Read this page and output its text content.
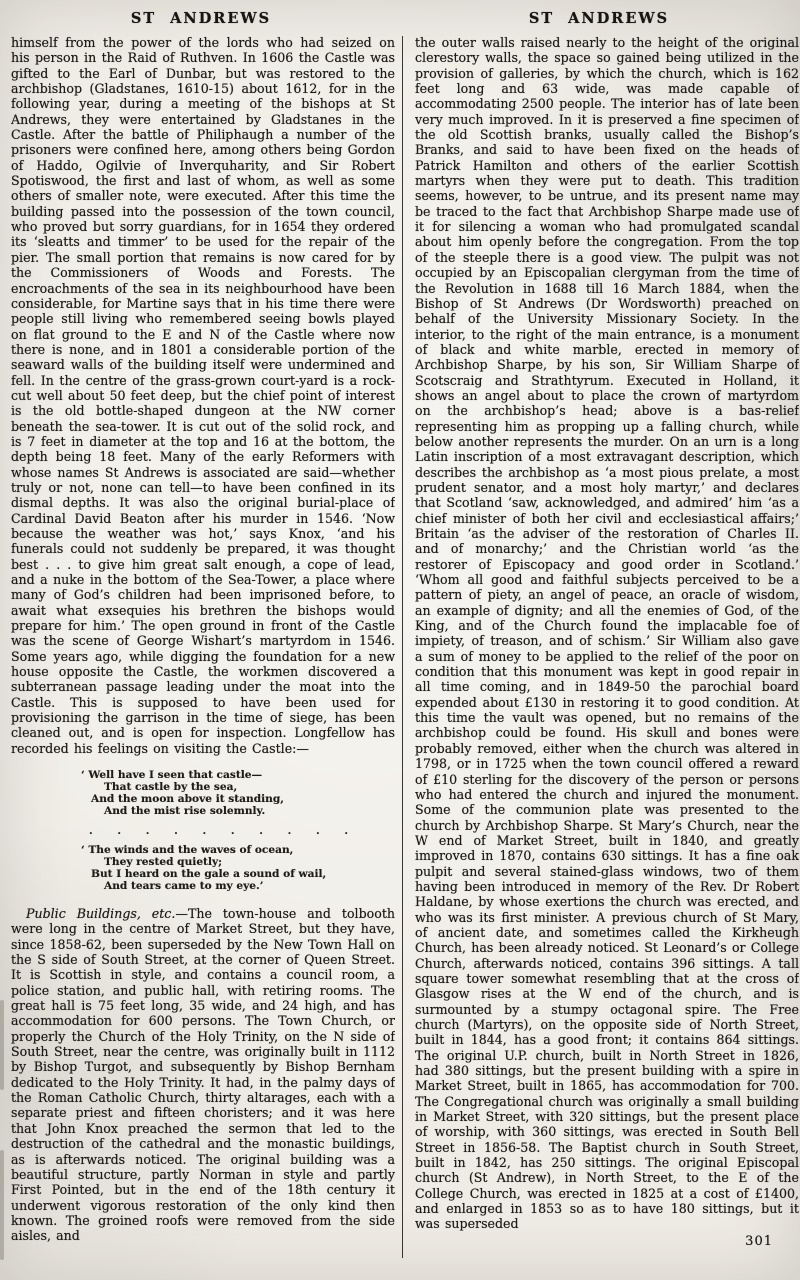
ST ANDREWS	ST ANDREWS

himself from the power of the lords who had seized on his person in the Raid of Ruthven. In 1606 the Castle was gifted to the Earl of Dunbar, but was restored to the archbishop (Gladstanes, 1610-15) about 1612, for in the following year, during a meeting of the bishops at St Andrews, they were entertained by Gladstanes in the Castle. After the battle of Philiphaugh a number of the prisoners were confined here, among others being Gordon of Haddo, Ogilvie of Inverquharity, and Sir Robert Spotiswood, the first and last of whom, as well as some others of smaller note, were executed. After this time the building passed into the possession of the town council, who proved but sorry guardians, for in 1654 they ordered its ‘sleatts and timmer’ to be used for the repair of the pier. The small portion that remains is now cared for by the Commissioners of Woods and Forests. The encroachments of the sea in its neighbourhood have been considerable, for Martine says that in his time there were people still living who remembered seeing bowls played on flat ground to the E and N of the Castle where now there is none, and in 1801 a considerable portion of the seaward walls of the building itself were undermined and fell. In the centre of the grass-grown court-yard is a rock-cut well about 50 feet deep, but the chief point of interest is the old bottle-shaped dungeon at the NW corner beneath the sea-tower. It is cut out of the solid rock, and is 7 feet in diameter at the top and 16 at the bottom, the depth being 18 feet. Many of the early Reformers with whose names St Andrews is associated are said—whether truly or not, none can tell—to have been confined in its dismal depths. It was also the original burial-place of Cardinal David Beaton after his murder in 1546. ‘Now because the weather was hot,’ says Knox, ‘and his funerals could not suddenly be prepared, it was thought best . . . to give him great salt enough, a cope of lead, and a nuke in the bottom of the Sea-Tower, a place where many of God’s children had been imprisoned before, to await what exsequies his brethren the bishops would prepare for him.’ The open ground in front of the Castle was the scene of George Wishart’s martyrdom in 1546. Some years ago, while digging the foundation for a new house opposite the Castle, the workmen discovered a subterranean passage leading under the moat into the Castle. This is supposed to have been used for provisioning the garrison in the time of siege, has been cleaned out, and is open for inspection. Longfellow has recorded his feelings on visiting the Castle:—

‘ Well have I seen that castle—
That castle by the sea,
And the moon above it standing,
And the mist rise solemnly.
. . . . . . . . . .
‘ The winds and the waves of ocean,
They rested quietly;
But I heard on the gale a sound of wail,
And tears came to my eye.’

Public Buildings, etc.—The town-house and tolbooth were long in the centre of Market Street, but they have, since 1858-62, been superseded by the New Town Hall on the S side of South Street, at the corner of Queen Street. It is Scottish in style, and contains a council room, a police station, and public hall, with retiring rooms. The great hall is 75 feet long, 35 wide, and 24 high, and has accommodation for 600 persons. The Town Church, or properly the Church of the Holy Trinity, on the N side of South Street, near the centre, was originally built in 1112 by Bishop Turgot, and subsequently by Bishop Bernham dedicated to the Holy Trinity. It had, in the palmy days of the Roman Catholic Church, thirty altarages, each with a separate priest and fifteen choristers; and it was here that John Knox preached the sermon that led to the destruction of the cathedral and the monastic buildings, as is afterwards noticed. The original building was a beautiful structure, partly Norman in style and partly First Pointed, but in the end of the 18th century it underwent vigorous restoration of the only kind then known. The groined roofs were removed from the side aisles, and

the outer walls raised nearly to the height of the original clerestory walls, the space so gained being utilized in the provision of galleries, by which the church, which is 162 feet long and 63 wide, was made capable of accommodating 2500 people. The interior has of late been very much improved. In it is preserved a fine specimen of the old Scottish branks, usually called the Bishop’s Branks, and said to have been fixed on the heads of Patrick Hamilton and others of the earlier Scottish martyrs when they were put to death. This tradition seems, however, to be untrue, and its present name may be traced to the fact that Archbishop Sharpe made use of it for silencing a woman who had promulgated scandal about him openly before the congregation. From the top of the steeple there is a good view. The pulpit was not occupied by an Episcopalian clergyman from the time of the Revolution in 1688 till 16 March 1884, when the Bishop of St Andrews (Dr Wordsworth) preached on behalf of the University Missionary Society. In the interior, to the right of the main entrance, is a monument of black and white marble, erected in memory of Archbishop Sharpe, by his son, Sir William Sharpe of Scotscraig and Strathtyrum. Executed in Holland, it shows an angel about to place the crown of martyrdom on the archbishop’s head; above is a bas-relief representing him as propping up a falling church, while below another represents the murder. On an urn is a long Latin inscription of a most extravagant description, which describes the archbishop as ‘a most pious prelate, a most prudent senator, and a most holy martyr,’ and declares that Scotland ‘saw, acknowledged, and admired’ him ‘as a chief minister of both her civil and ecclesiastical affairs;’ Britain ‘as the adviser of the restoration of Charles II. and of monarchy;’ and the Christian world ‘as the restorer of Episcopacy and good order in Scotland.’ ‘Whom all good and faithful subjects perceived to be a pattern of piety, an angel of peace, an oracle of wisdom, an example of dignity; and all the enemies of God, of the King, and of the Church found the implacable foe of impiety, of treason, and of schism.’ Sir William also gave a sum of money to be applied to the relief of the poor on condition that this monument was kept in good repair in all time coming, and in 1849-50 the parochial board expended about £130 in restoring it to good condition. At this time the vault was opened, but no remains of the archbishop could be found. His skull and bones were probably removed, either when the church was altered in 1798, or in 1725 when the town council offered a reward of £10 sterling for the discovery of the person or persons who had entered the church and injured the monument. Some of the communion plate was presented to the church by Archbishop Sharpe. St Mary’s Church, near the W end of Market Street, built in 1840, and greatly improved in 1870, contains 630 sittings. It has a fine oak pulpit and several stained-glass windows, two of them having been introduced in memory of the Rev. Dr Robert Haldane, by whose exertions the church was erected, and who was its first minister. A previous church of St Mary, of ancient date, and sometimes called the Kirkheugh Church, has been already noticed. St Leonard’s or College Church, afterwards noticed, contains 396 sittings. A tall square tower somewhat resembling that at the cross of Glasgow rises at the W end of the church, and is surmounted by a stumpy octagonal spire. The Free church (Martyrs), on the opposite side of North Street, built in 1844, has a good front; it contains 864 sittings. The original U.P. church, built in North Street in 1826, had 380 sittings, but the present building with a spire in Market Street, built in 1865, has accommodation for 700. The Congregational church was originally a small building in Market Street, with 320 sittings, but the present place of worship, with 360 sittings, was erected in South Bell Street in 1856-58. The Baptist church in South Street, built in 1842, has 250 sittings. The original Episcopal church (St Andrew), in North Street, to the E of the College Church, was erected in 1825 at a cost of £1400, and enlarged in 1853 so as to have 180 sittings, but it was superseded

301
